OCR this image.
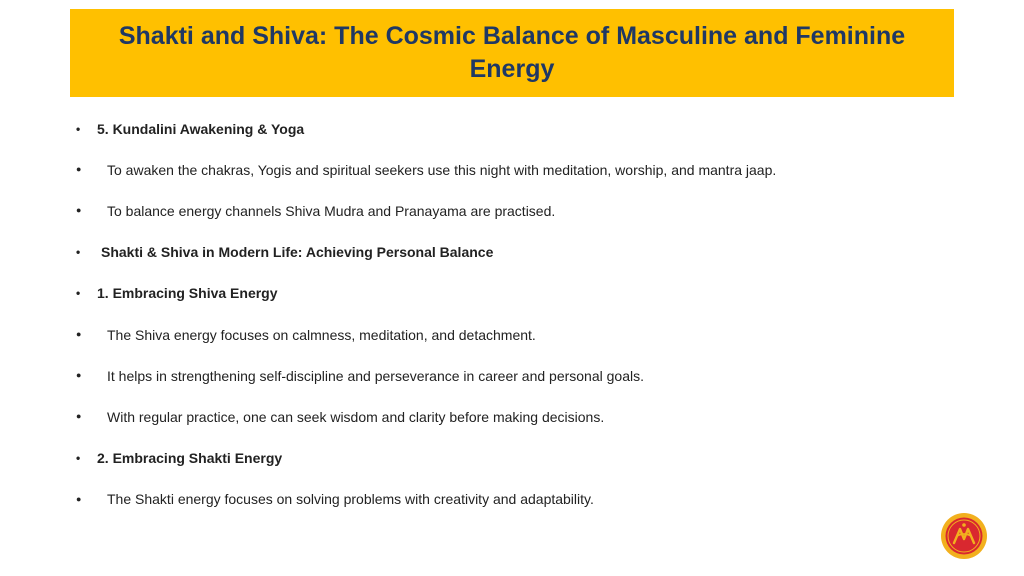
Shakti and Shiva: The Cosmic Balance of Masculine and Feminine Energy
•	5. Kundalini Awakening & Yoga
●	To awaken the chakras, Yogis and spiritual seekers use this night with meditation, worship, and mantra jaap.
●	To balance energy channels Shiva Mudra and Pranayama are practised.
•	Shakti & Shiva in Modern Life: Achieving Personal Balance
•	1. Embracing Shiva Energy
●	The Shiva energy focuses on calmness, meditation, and detachment.
●	It helps in strengthening self-discipline and perseverance in career and personal goals.
●	With regular practice, one can seek wisdom and clarity before making decisions.
•	2. Embracing Shakti Energy
●	The Shakti energy focuses on solving problems with creativity and adaptability.
